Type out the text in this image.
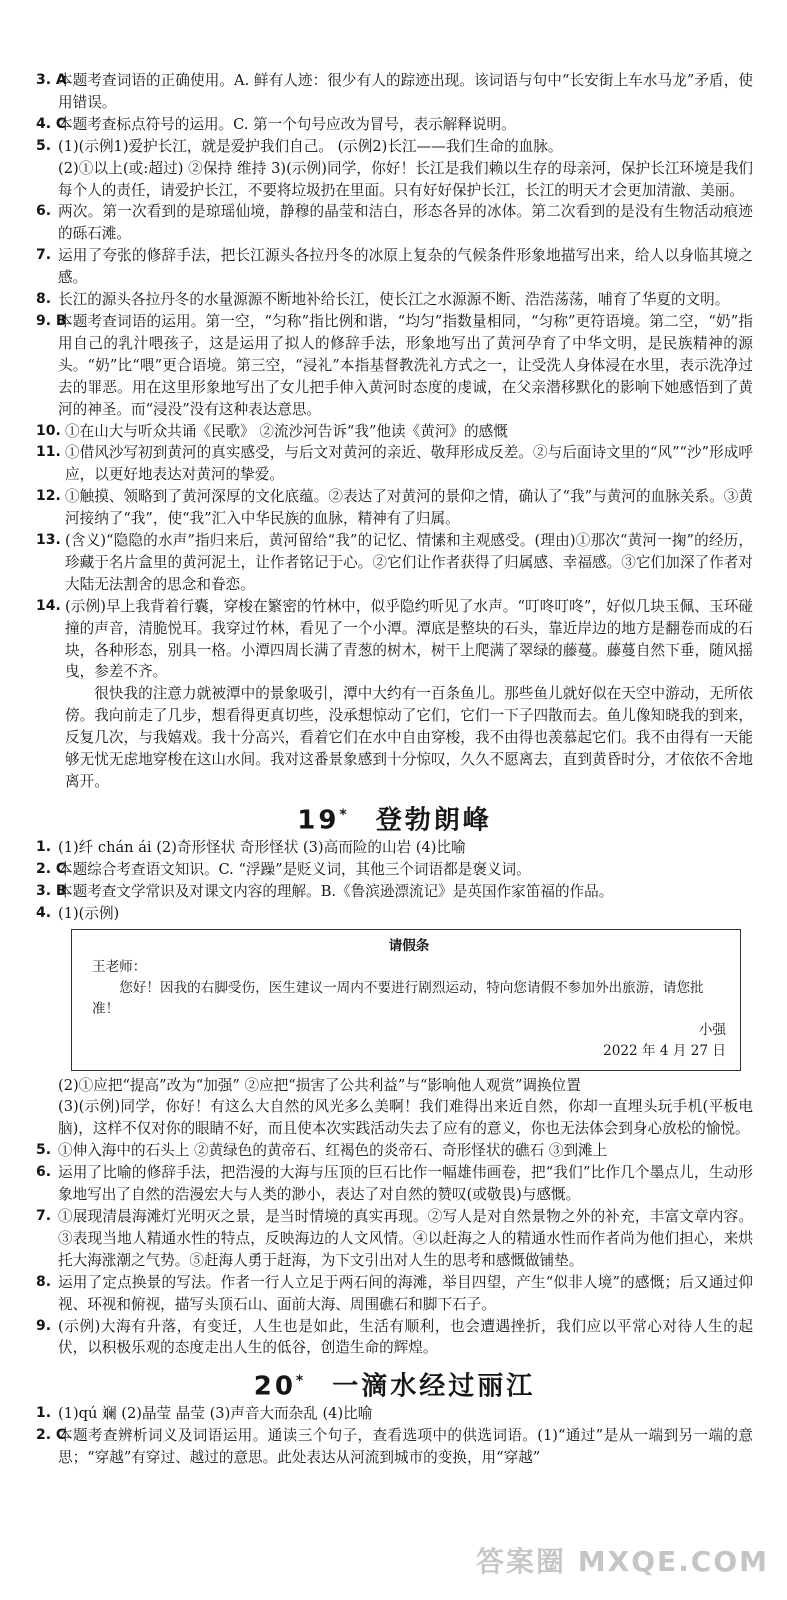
3. A
本题考查词语的正确使用。A. 鲜有人迹：很少有人的踪迹出现。该词语与句中“长安街上车水马龙”矛盾，使用错误。
4. C
本题考查标点符号的运用。C. 第一个句号应改为冒号，表示解释说明。
5. (1)(示例1)爱护长江，就是爱护我们自己。 (示例2)长江——我们生命的血脉。
(2)①以上(或:超过) ②保持 维持 3)(示例)同学，你好！长江是我们赖以生存的母亲河，保护长江环境是我们每个人的责任，请爱护长江，不要将垃圾扔在里面。只有好好保护长江，长江的明天才会更加清澈、美丽。
6. 两次。第一次看到的是琼瑶仙境，静穆的晶莹和洁白，形态各异的冰体。第二次看到的是没有生物活动痕迹的砾石滩。
7. 运用了夸张的修辞手法，把长江源头各拉丹冬的冰原上复杂的气候条件形象地描写出来，给人以身临其境之感。
8. 长江的源头各拉丹冬的水量源源不断地补给长江，使长江之水源源不断、浩浩荡荡，哺育了华夏的文明。
9. B
本题考查词语的运用。第一空，“匀称”指比例和谐，“均匀”指数量相同，“匀称”更符语境。第二空，“奶”指用自己的乳汁喂孩子，这是运用了拟人的修辞手法，形象地写出了黄河孕育了中华文明，是民族精神的源头。“奶”比“喂”更合语境。第三空，“浸礼”本指基督教洗礼方式之一，让受洗人身体浸在水里，表示洗净过去的罪恶。用在这里形象地写出了女儿把手伸入黄河时态度的虔诚，在父亲潜移默化的影响下她感悟到了黄河的神圣。而“浸没”没有这种表达意思。
10. ①在山大与听众共诵《民歌》 ②流沙河告诉“我”他读《黄河》的感慨
11. ①借风沙写初到黄河的真实感受，与后文对黄河的亲近、敬拜形成反差。②与后面诗文里的“风”“沙”形成呼应，以更好地表达对黄河的挚爱。
12. ①触摸、领略到了黄河深厚的文化底蕴。②表达了对黄河的景仰之情，确认了“我”与黄河的血脉关系。③黄河接纳了“我”，使“我”汇入中华民族的血脉，精神有了归属。
13. (含义)“隐隐的水声”指归来后，黄河留给“我”的记忆、情愫和主观感受。(理由)①那次“黄河一掬”的经历，珍藏于名片盒里的黄河泥土，让作者铭记于心。②它们让作者获得了归属感、幸福感。③它们加深了作者对大陆无法割舍的思念和眷恋。
14. (示例)早上我背着行囊，穿梭在繁密的竹林中，似乎隐约听见了水声。“叮咚叮咚”，好似几块玉佩、玉环碰撞的声音，清脆悦耳。我穿过竹林，看见了一个小潭。潭底是整块的石头，靠近岸边的地方是翻卷而成的石块，各种形态，别具一格。小潭四周长满了青葱的树木，树干上爬满了翠绿的藤蔓。藤蔓自然下垂，随风摇曳，参差不齐。
很快我的注意力就被潭中的景象吸引，潭中大约有一百条鱼儿。那些鱼儿就好似在天空中游动，无所依傍。我向前走了几步，想看得更真切些，没承想惊动了它们，它们一下子四散而去。鱼儿像知晓我的到来，反复几次，与我嬉戏。我十分高兴，看着它们在水中自由穿梭，我不由得也羡慕起它们。我不由得有一天能够无忧无虑地穿梭在这山水间。我对这番景象感到十分惊叹，久久不愿离去，直到黄昏时分，才依依不舍地离开。
19* 登勃朗峰
1. (1)纤 chán ái (2)奇形怪状 奇形怪状 (3)高而险的山岩 (4)比喻
2. C
本题综合考查语文知识。C. “浮躁”是贬义词，其他三个词语都是褒义词。
3. B
本题考查文学常识及对课文内容的理解。B.《鲁滨逊漂流记》是英国作家笛福的作品。
4. (1)(示例)
请假条
王老师：
您好！因我的右脚受伤，医生建议一周内不要进行剧烈运动，特向您请假不参加外出旅游，请您批准！
小强
2022 年 4 月 27 日
(2)①应把“提高”改为“加强” ②应把“损害了公共利益”与“影响他人观赏”调换位置
(3)(示例)同学，你好！有这么大自然的风光多么美啊！我们难得出来近自然，你却一直埋头玩手机(平板电脑)，这样不仅对你的眼睛不好，而且使本次实践活动失去了应有的意义，你也无法体会到身心放松的愉悦。
5. ①伸入海中的石头上 ②黄绿色的黄帝石、红褐色的炎帝石、奇形怪状的礁石 ③到滩上
6. 运用了比喻的修辞手法，把浩漫的大海与压顶的巨石比作一幅雄伟画卷，把“我们”比作几个墨点儿，生动形象地写出了自然的浩漫宏大与人类的渺小，表达了对自然的赞叹(或敬畏)与感慨。
7. ①展现清晨海滩灯光明灭之景，是当时情境的真实再现。②写人是对自然景物之外的补充，丰富文章内容。③表现当地人精通水性的特点，反映海边的人文风情。④以赶海之人的精通水性而作者尚为他们担心，来烘托大海涨潮之气势。⑤赶海人勇于赶海，为下文引出对人生的思考和感慨做铺垫。
8. 运用了定点换景的写法。作者一行人立足于两石间的海滩，举目四望，产生“似非人境”的感慨；后又通过仰视、环视和俯视，描写头顶石山、面前大海、周围礁石和脚下石子。
9. (示例)大海有升落，有变迁，人生也是如此，生活有顺利，也会遭遇挫折，我们应以平常心对待人生的起伏，以积极乐观的态度走出人生的低谷，创造生命的辉煌。
20* 一滴水经过丽江
1. (1)qú 斓 (2)晶莹 晶莹 (3)声音大而杂乱 (4)比喻
2. C
本题考查辨析词义及词语运用。通读三个句子，查看选项中的供选词语。(1)“通过”是从一端到另一端的意思；“穿越”有穿过、越过的意思。此处表达从河流到城市的变换，用“穿越”
答案圈 MXQE.COM
